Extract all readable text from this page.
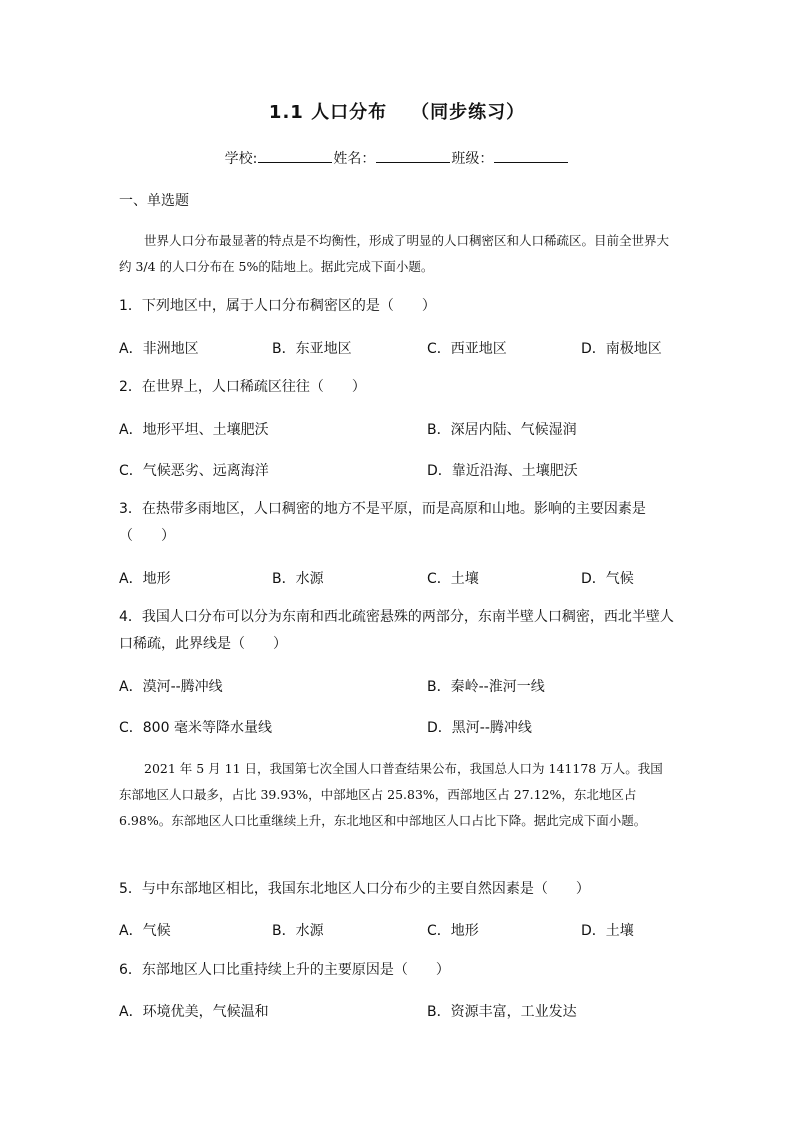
1.1 人口分布 （同步练习）
学校:	姓名：	班级：
一、单选题
世界人口分布最显著的特点是不均衡性，形成了明显的人口稠密区和人口稀疏区。目前全世界大约 3/4 的人口分布在 5%的陆地上。据此完成下面小题。
1．下列地区中，属于人口分布稠密区的是（　　）
A．非洲地区	B．东亚地区	C．西亚地区	D．南极地区
2．在世界上，人口稀疏区往往（　　）
A．地形平坦、土壤肥沃	B．深居内陆、气候湿润
C．气候恶劣、远离海洋	D．靠近沿海、土壤肥沃
3．在热带多雨地区，人口稠密的地方不是平原，而是高原和山地。影响的主要因素是（　　）
A．地形	B．水源	C．土壤	D．气候
4．我国人口分布可以分为东南和西北疏密悬殊的两部分，东南半壁人口稠密，西北半壁人口稀疏，此界线是（　　）
A．漠河--腾冲线	B．秦岭--淮河一线
C．800 毫米等降水量线	D．黑河--腾冲线
2021 年 5 月 11 日，我国第七次全国人口普查结果公布，我国总人口为 141178 万人。我国东部地区人口最多，占比 39.93%，中部地区占 25.83%，西部地区占 27.12%，东北地区占 6.98%。东部地区人口比重继续上升，东北地区和中部地区人口占比下降。据此完成下面小题。
5．与中东部地区相比，我国东北地区人口分布少的主要自然因素是（　　）
A．气候	B．水源	C．地形	D．土壤
6．东部地区人口比重持续上升的主要原因是（　　）
A．环境优美，气候温和	B．资源丰富，工业发达
